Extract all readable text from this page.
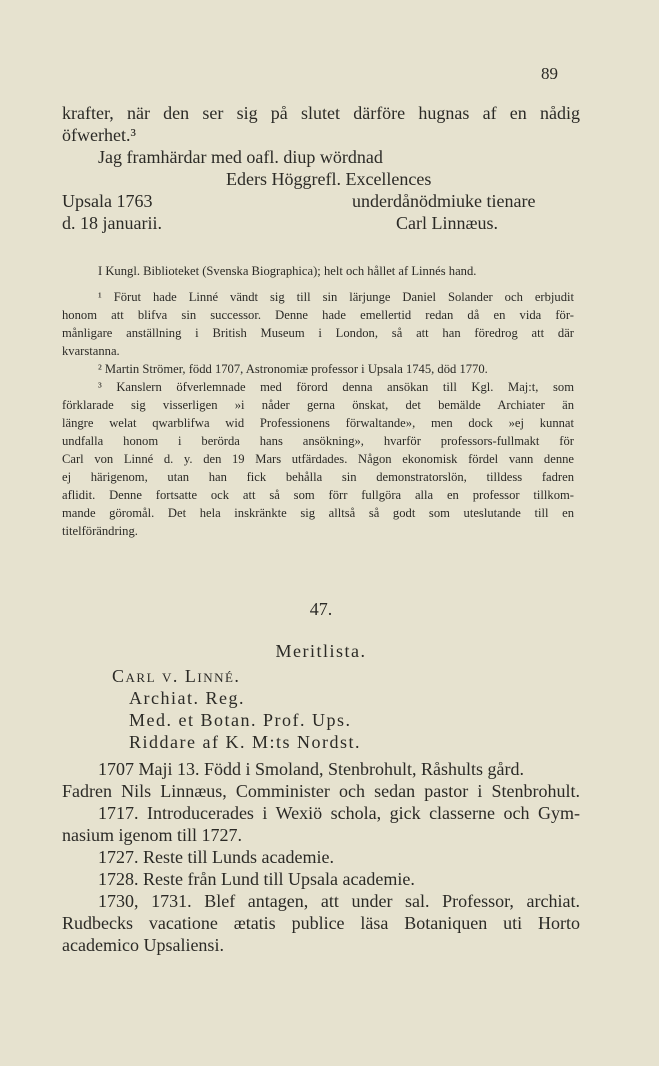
89
krafter, när den ser sig på slutet därföre hugnas af en nådig
öfwerhet.³
Jag framhärdar med oafl. diup wördnad
Eders Höggrefl. Excellences
Upsala 1763	underdånödmiuke tienare
d. 18 januarii.	Carl Linnæus.
I Kungl. Biblioteket (Svenska Biographica); helt och hållet af Linnés hand.
¹ Förut hade Linné vändt sig till sin lärjunge Daniel Solander och erbjudit
honom att blifva sin successor. Denne hade emellertid redan då en vida för-
månligare anställning i British Museum i London, så att han föredrog att där
kvarstanna.
² Martin Strömer, född 1707, Astronomiæ professor i Upsala 1745, död 1770.
³ Kanslern öfverlemnade med förord denna ansökan till Kgl. Maj:t, som
förklarade sig visserligen »i nåder gerna önskat, det bemälde Archiater än
längre welat qwarblifwa wid Professionens förwaltande», men dock »ej kunnat
undfalla honom i berörda hans ansökning», hvarför professors-fullmakt för
Carl von Linné d. y. den 19 Mars utfärdades. Någon ekonomisk fördel vann denne
ej härigenom, utan han fick behålla sin demonstratorslön, tilldess fadren
aflidit. Denne fortsatte ock att så som förr fullgöra alla en professor tillkom-
mande göromål. Det hela inskränkte sig alltså så godt som uteslutande till en
titelförändring.
47.
Meritlista.
Carl v. Linné.
Archiat. Reg.
Med. et Botan. Prof. Ups.
Riddare af K. M:ts Nordst.
1707 Maji 13. Född i Smoland, Stenbrohult, Råshults gård.
Fadren Nils Linnæus, Comminister och sedan pastor i Stenbrohult.
1717. Introducerades i Wexiö schola, gick classerne och Gym-
nasium igenom till 1727.
1727. Reste till Lunds academie.
1728. Reste från Lund till Upsala academie.
1730, 1731. Blef antagen, att under sal. Professor, archiat.
Rudbecks vacatione ætatis publice läsa Botaniquen uti Horto
academico Upsaliensi.
